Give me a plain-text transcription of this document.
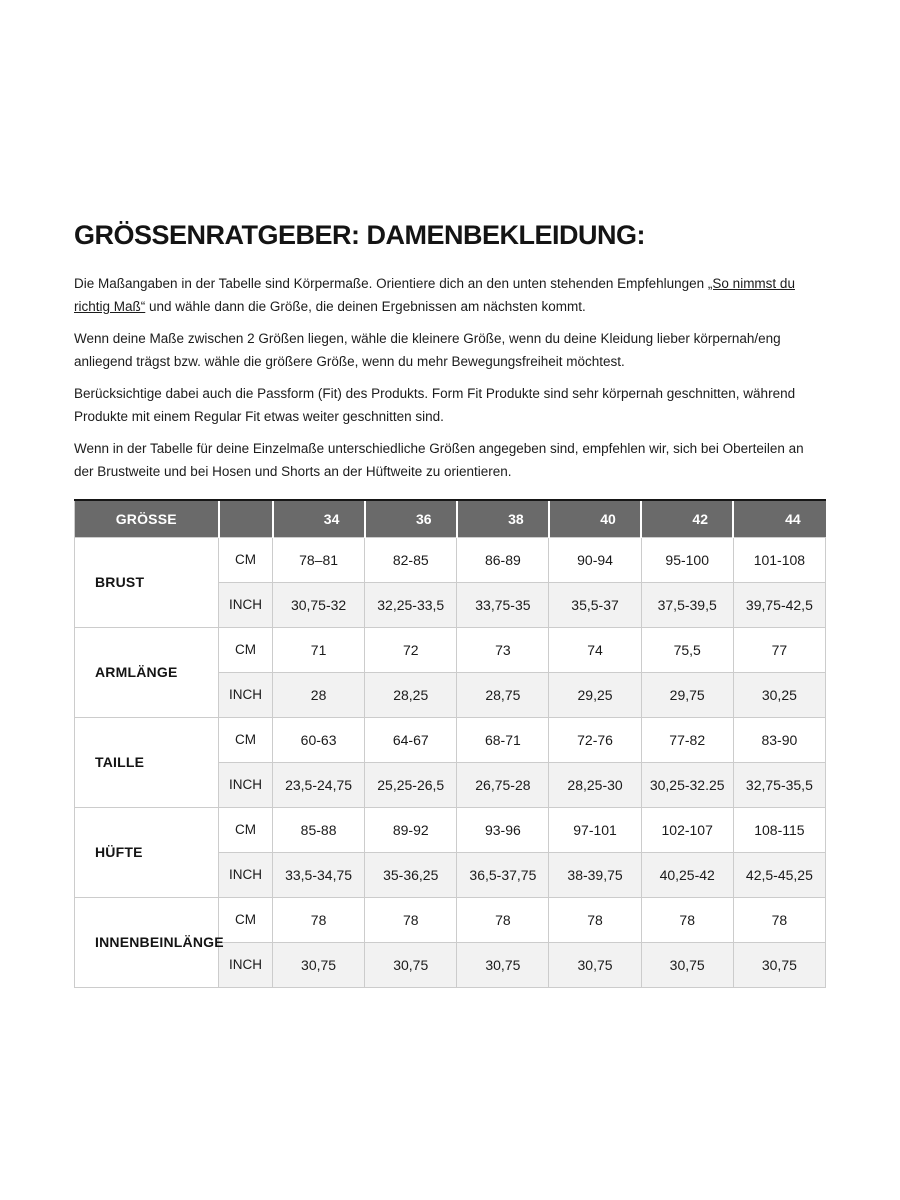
GRÖSSENRATGEBER: DAMENBEKLEIDUNG:

Die Maßangaben in der Tabelle sind Körpermaße. Orientiere dich an den unten stehenden Empfehlungen „So nimmst du richtig Maß“ und wähle dann die Größe, die deinen Ergebnissen am nächsten kommt.

Wenn deine Maße zwischen 2 Größen liegen, wähle die kleinere Größe, wenn du deine Kleidung lieber körpernah/eng anliegend trägst bzw. wähle die größere Größe, wenn du mehr Bewegungsfreiheit möchtest.

Berücksichtige dabei auch die Passform (Fit) des Produkts. Form Fit Produkte sind sehr körpernah geschnitten, während Produkte mit einem Regular Fit etwas weiter geschnitten sind.

Wenn in der Tabelle für deine Einzelmaße unterschiedliche Größen angegeben sind, empfehlen wir, sich bei Oberteilen an der Brustweite und bei Hosen und Shorts an der Hüftweite zu orientieren.

GRÖSSE		34	36	38	40	42	44
BRUST	CM	78–81	82-85	86-89	90-94	95-100	101-108
	INCH	30,75-32	32,25-33,5	33,75-35	35,5-37	37,5-39,5	39,75-42,5
ARMLÄNGE	CM	71	72	73	74	75,5	77
	INCH	28	28,25	28,75	29,25	29,75	30,25
TAILLE	CM	60-63	64-67	68-71	72-76	77-82	83-90
	INCH	23,5-24,75	25,25-26,5	26,75-28	28,25-30	30,25-32.25	32,75-35,5
HÜFTE	CM	85-88	89-92	93-96	97-101	102-107	108-115
	INCH	33,5-34,75	35-36,25	36,5-37,75	38-39,75	40,25-42	42,5-45,25
INNENBEINLÄNGE	CM	78	78	78	78	78	78
	INCH	30,75	30,75	30,75	30,75	30,75	30,75
